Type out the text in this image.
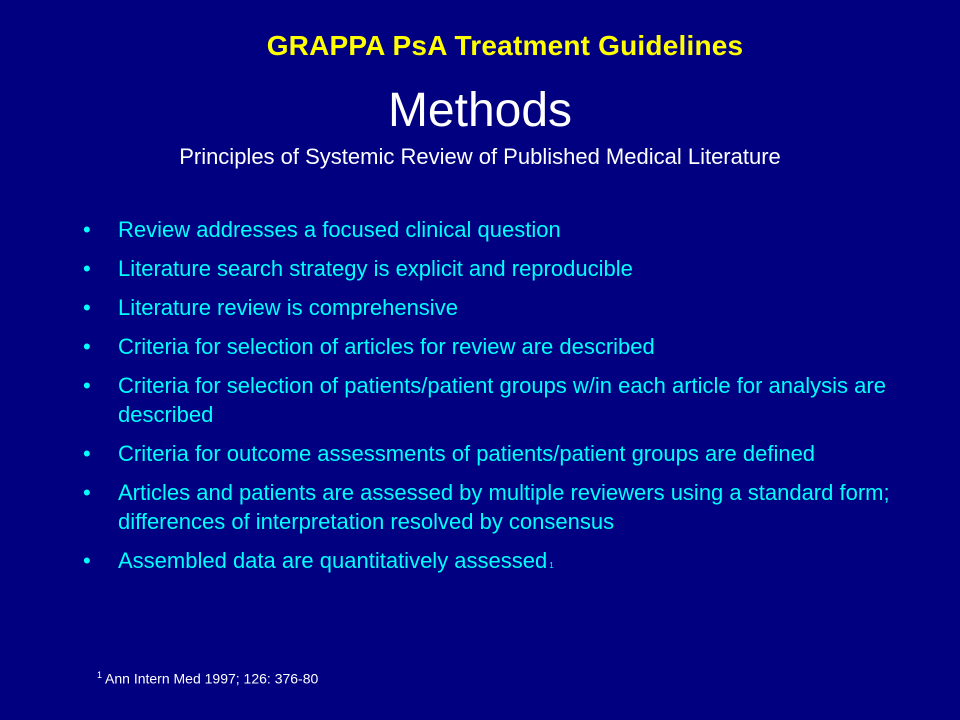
GRAPPA PsA Treatment Guidelines
Methods
Principles of Systemic Review of Published Medical Literature
• Review addresses a focused clinical question
• Literature search strategy is explicit and reproducible
• Literature review is comprehensive
• Criteria for selection of articles for review are described
• Criteria for selection of patients/patient groups w/in each article for analysis are described
• Criteria for outcome assessments of patients/patient groups are defined
• Articles and patients are assessed by multiple reviewers using a standard form; differences of interpretation resolved by consensus
• Assembled data are quantitatively assessed 1
$^1$ Ann Intern Med 1997; 126: 376-80
